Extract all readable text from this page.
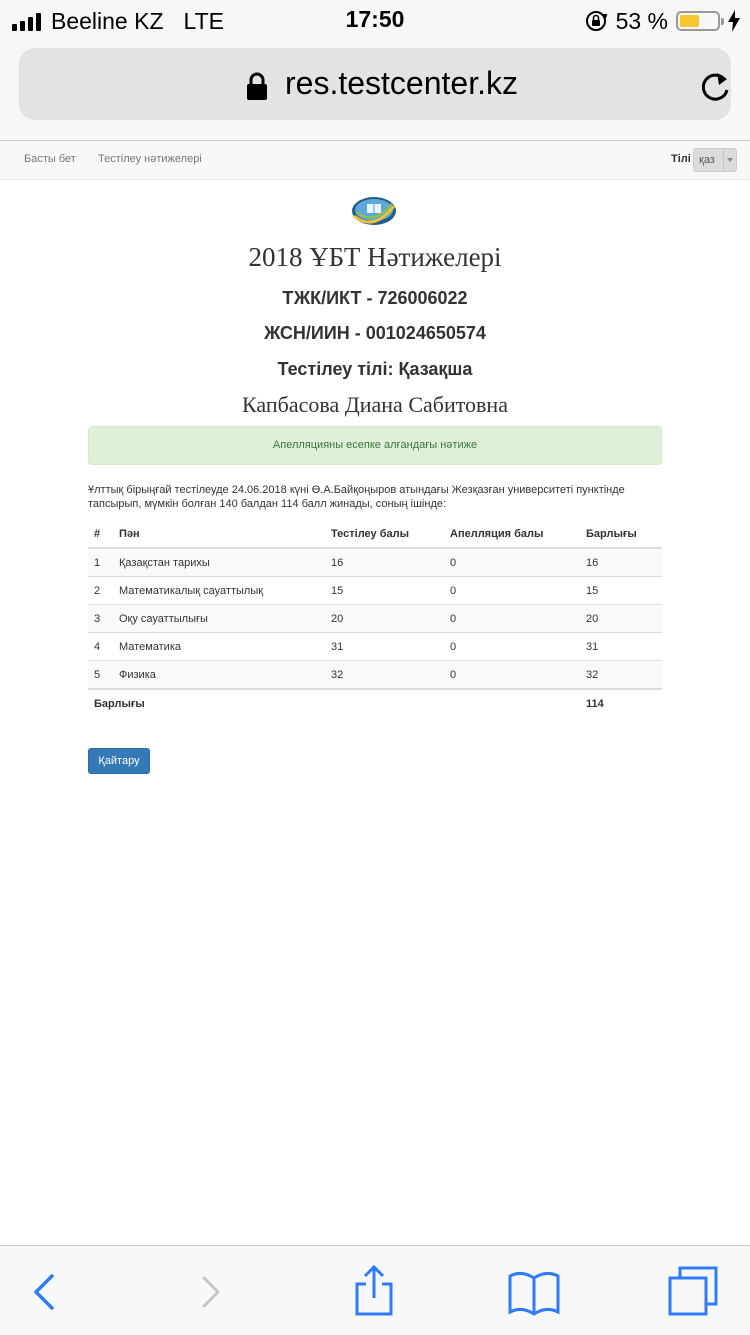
Beeline KZ LTE	17:50	53 %
res.testcenter.kz
Басты бет Тестілеу нәтижелері	Тілі қаз
2018 ҰБТ Нәтижелері
ТЖК/ИКТ - 726006022
ЖСН/ИИН - 001024650574
Тестілеу тілі: Қазақша
Капбасова Диана Сабитовна
Апелляцияны есепке алғандағы нәтиже
Ұлттық бірыңғай тестілеуде 24.06.2018 күні Ө.А.Байқоңыров атындағы Жезқазған университеті пунктінде тапсырып, мүмкін болған 140 балдан 114 балл жинады, соның ішінде:
#	Пән	Тестілеу балы	Апелляция балы	Барлығы
1	Қазақстан тарихы	16	0	16
2	Математикалық сауаттылық	15	0	15
3	Оқу сауаттылығы	20	0	20
4	Математика	31	0	31
5	Физика	32	0	32
Барлығы				114
Қайтару
